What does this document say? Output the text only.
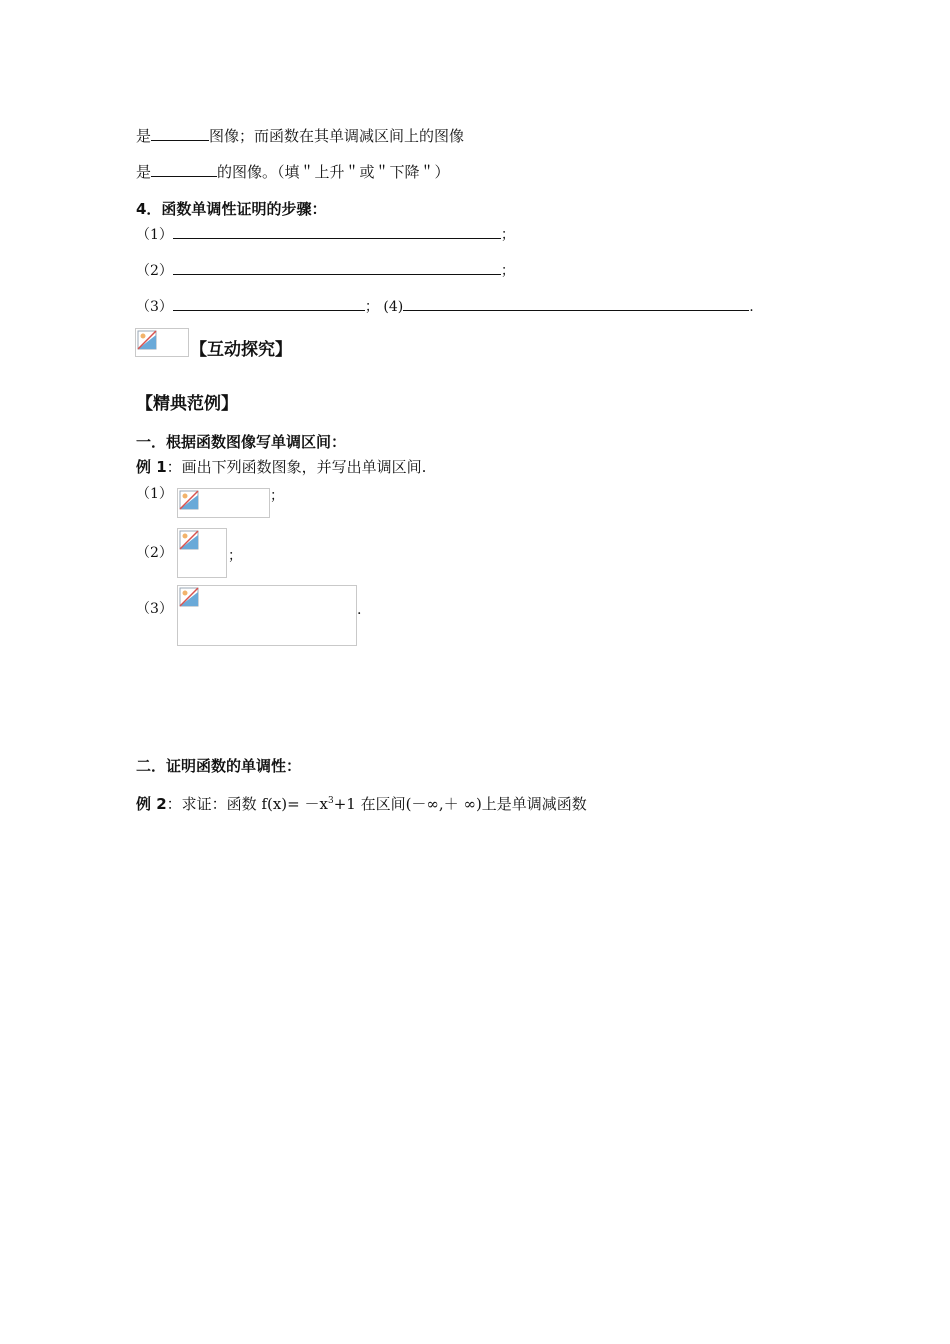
是	图像；而函数在其单调减区间上的图像
是	的图像。（填＂上升＂或＂下降＂）
4．函数单调性证明的步骤：
（1）	；
（2）	；
（3）	； (4)	.
【互动探究】
【精典范例】
一．根据函数图像写单调区间：
例 1：画出下列函数图象，并写出单调区间.
（1）	；
（2）	；
（3）	.
二．证明函数的单调性：
例 2：求证：函数 $f(x)= -x^3+1$ 在区间(－∞,＋ ∞)上是单调减函数
